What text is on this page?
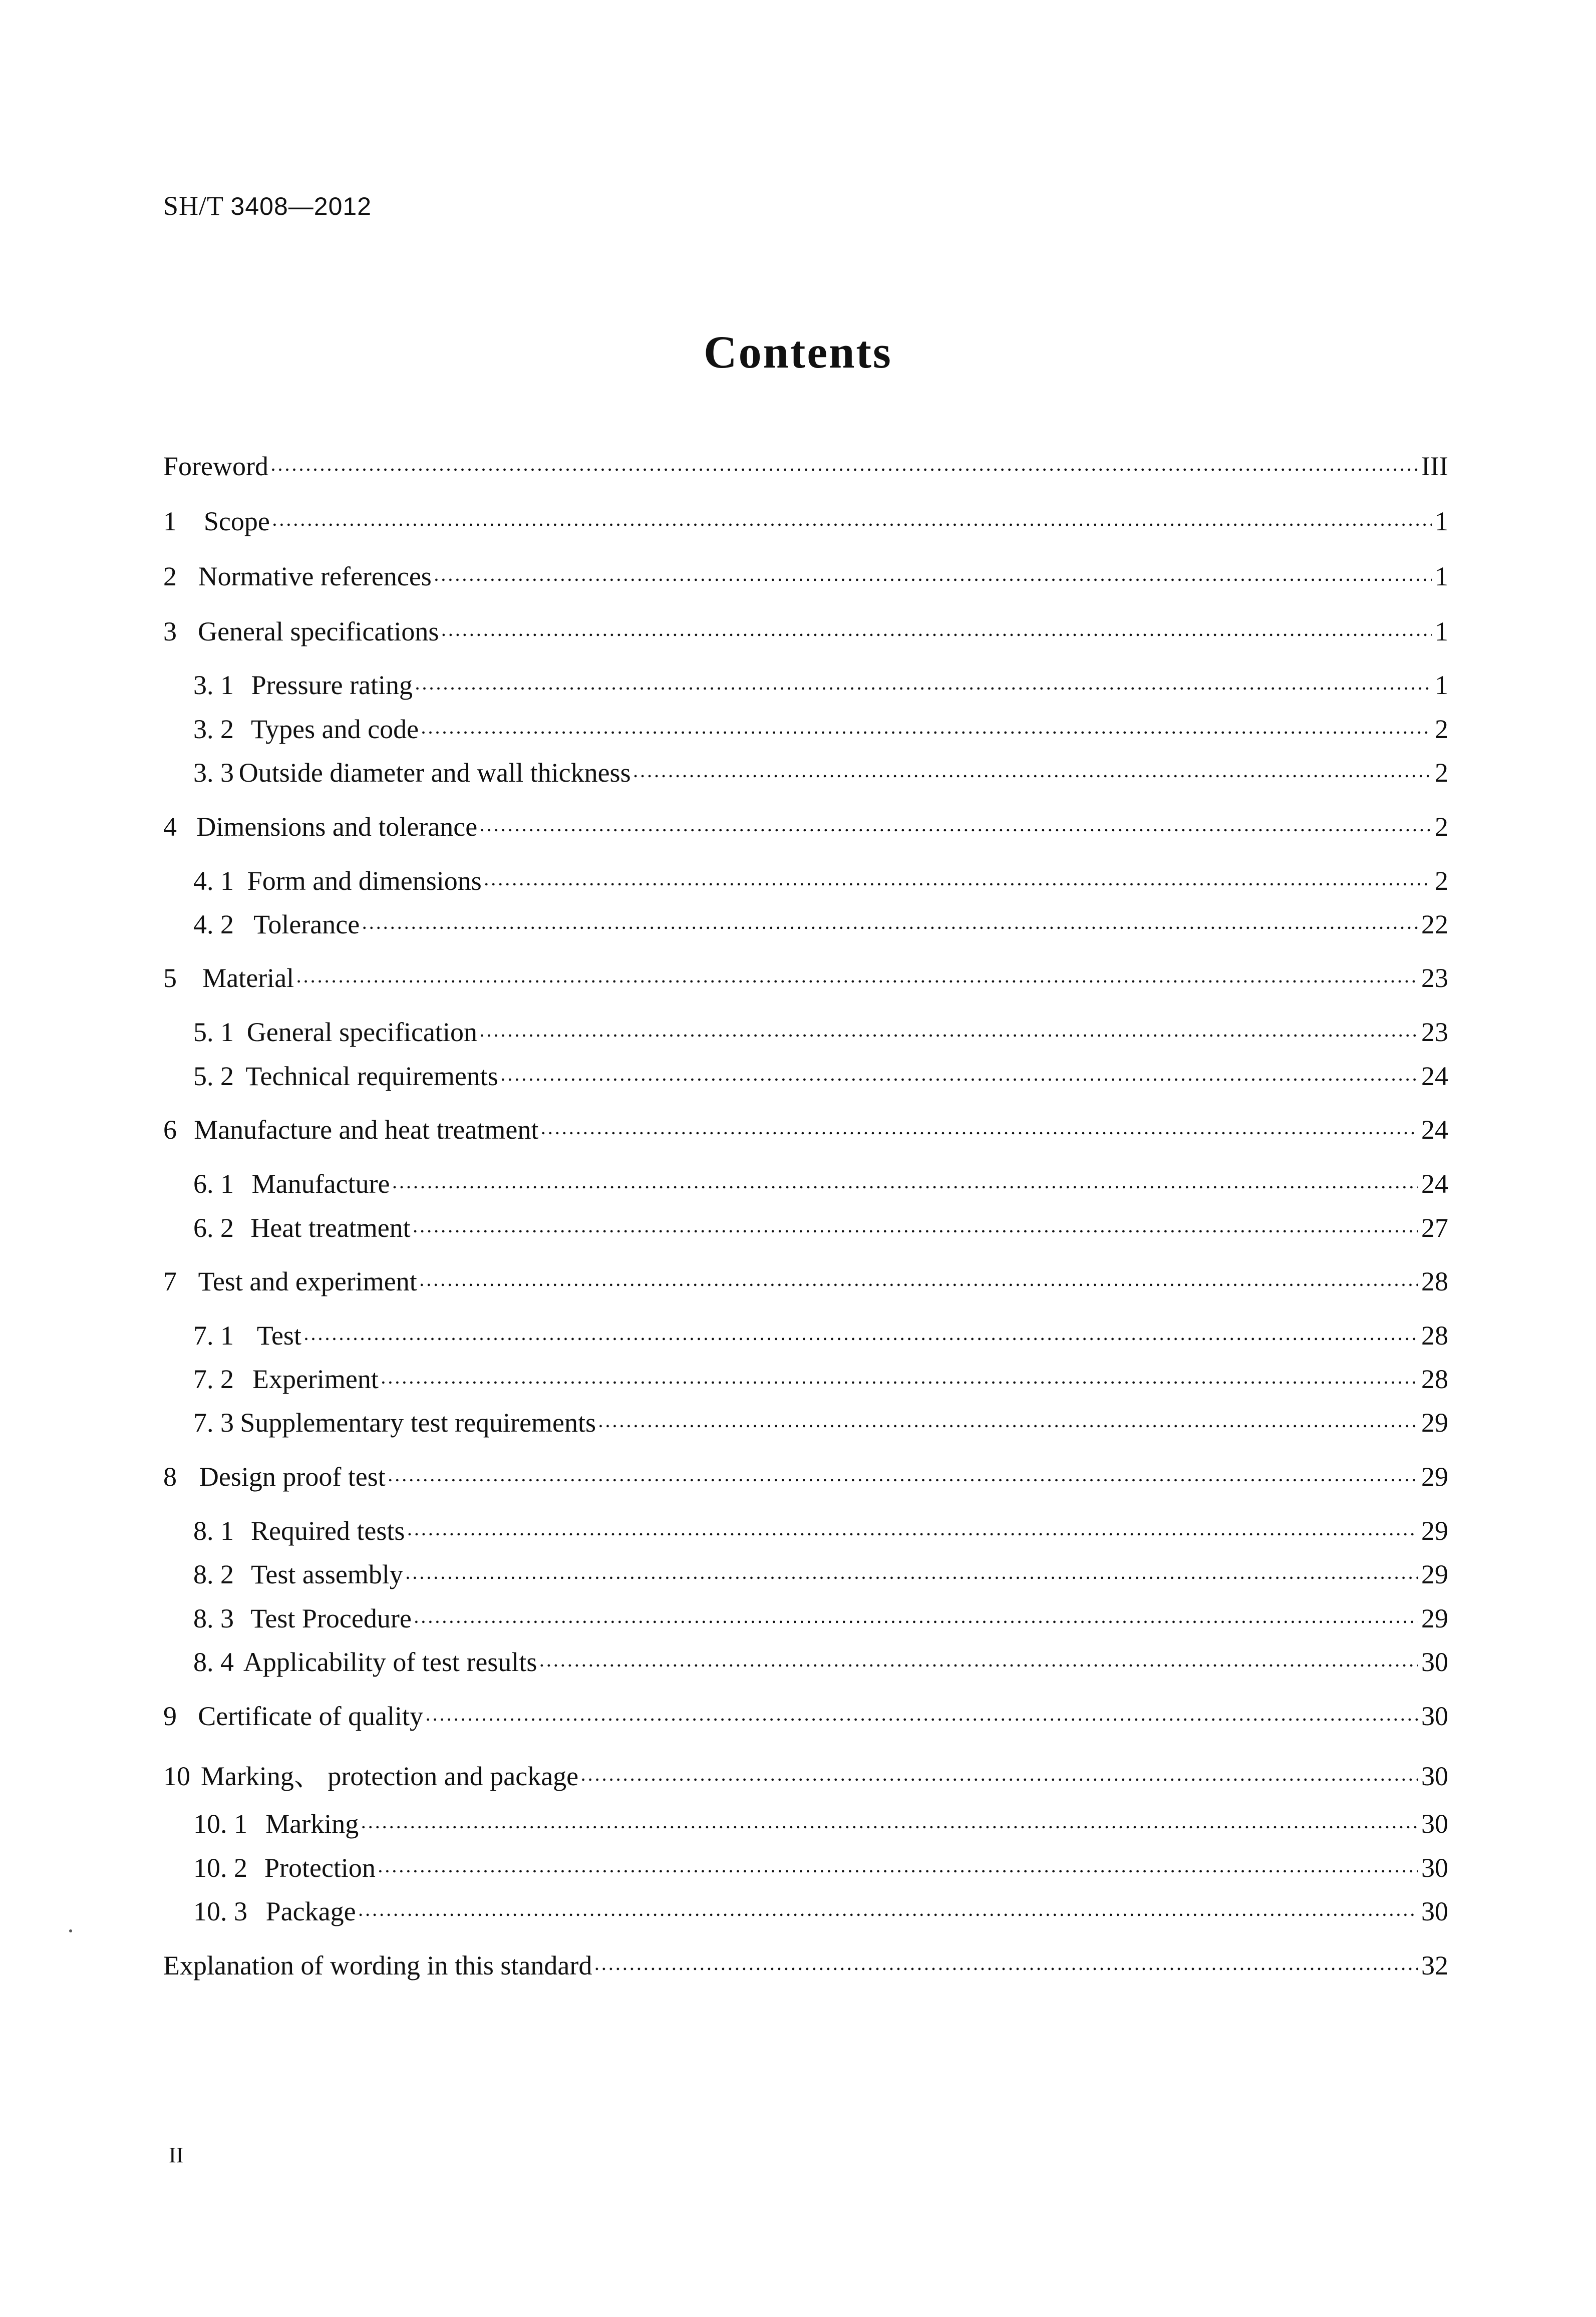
SH/T 3408—2012
Contents
Foreword •••••	III
1 Scope •••••	1
2 Normative references •••••	1
3 General specifications •••••	1
3. 1 Pressure rating •••••	1
3. 2 Types and code •••••	2
3. 3 Outside diameter and wall thickness •••••	2
4 Dimensions and tolerance •••••	2
4. 1 Form and dimensions •••••	2
4. 2 Tolerance •••••	22
5 Material •••••	23
5. 1 General specification •••••	23
5. 2 Technical requirements •••••	24
6 Manufacture and heat treatment •••••	24
6. 1 Manufacture •••••	24
6. 2 Heat treatment •••••	27
7 Test and experiment •••••	28
7. 1 Test •••••	28
7. 2 Experiment •••••	28
7. 3 Supplementary test requirements •••••	29
8 Design proof test •••••	29
8. 1 Required tests •••••	29
8. 2 Test assembly •••••	29
8. 3 Test Procedure •••••	29
8. 4 Applicability of test results •••••	30
9 Certificate of quality •••••	30
10 Marking、 protection and package •••••	30
10. 1 Marking •••••	30
10. 2 Protection •••••	30
10. 3 Package •••••	30
Explanation of wording in this standard •••••	32
II
